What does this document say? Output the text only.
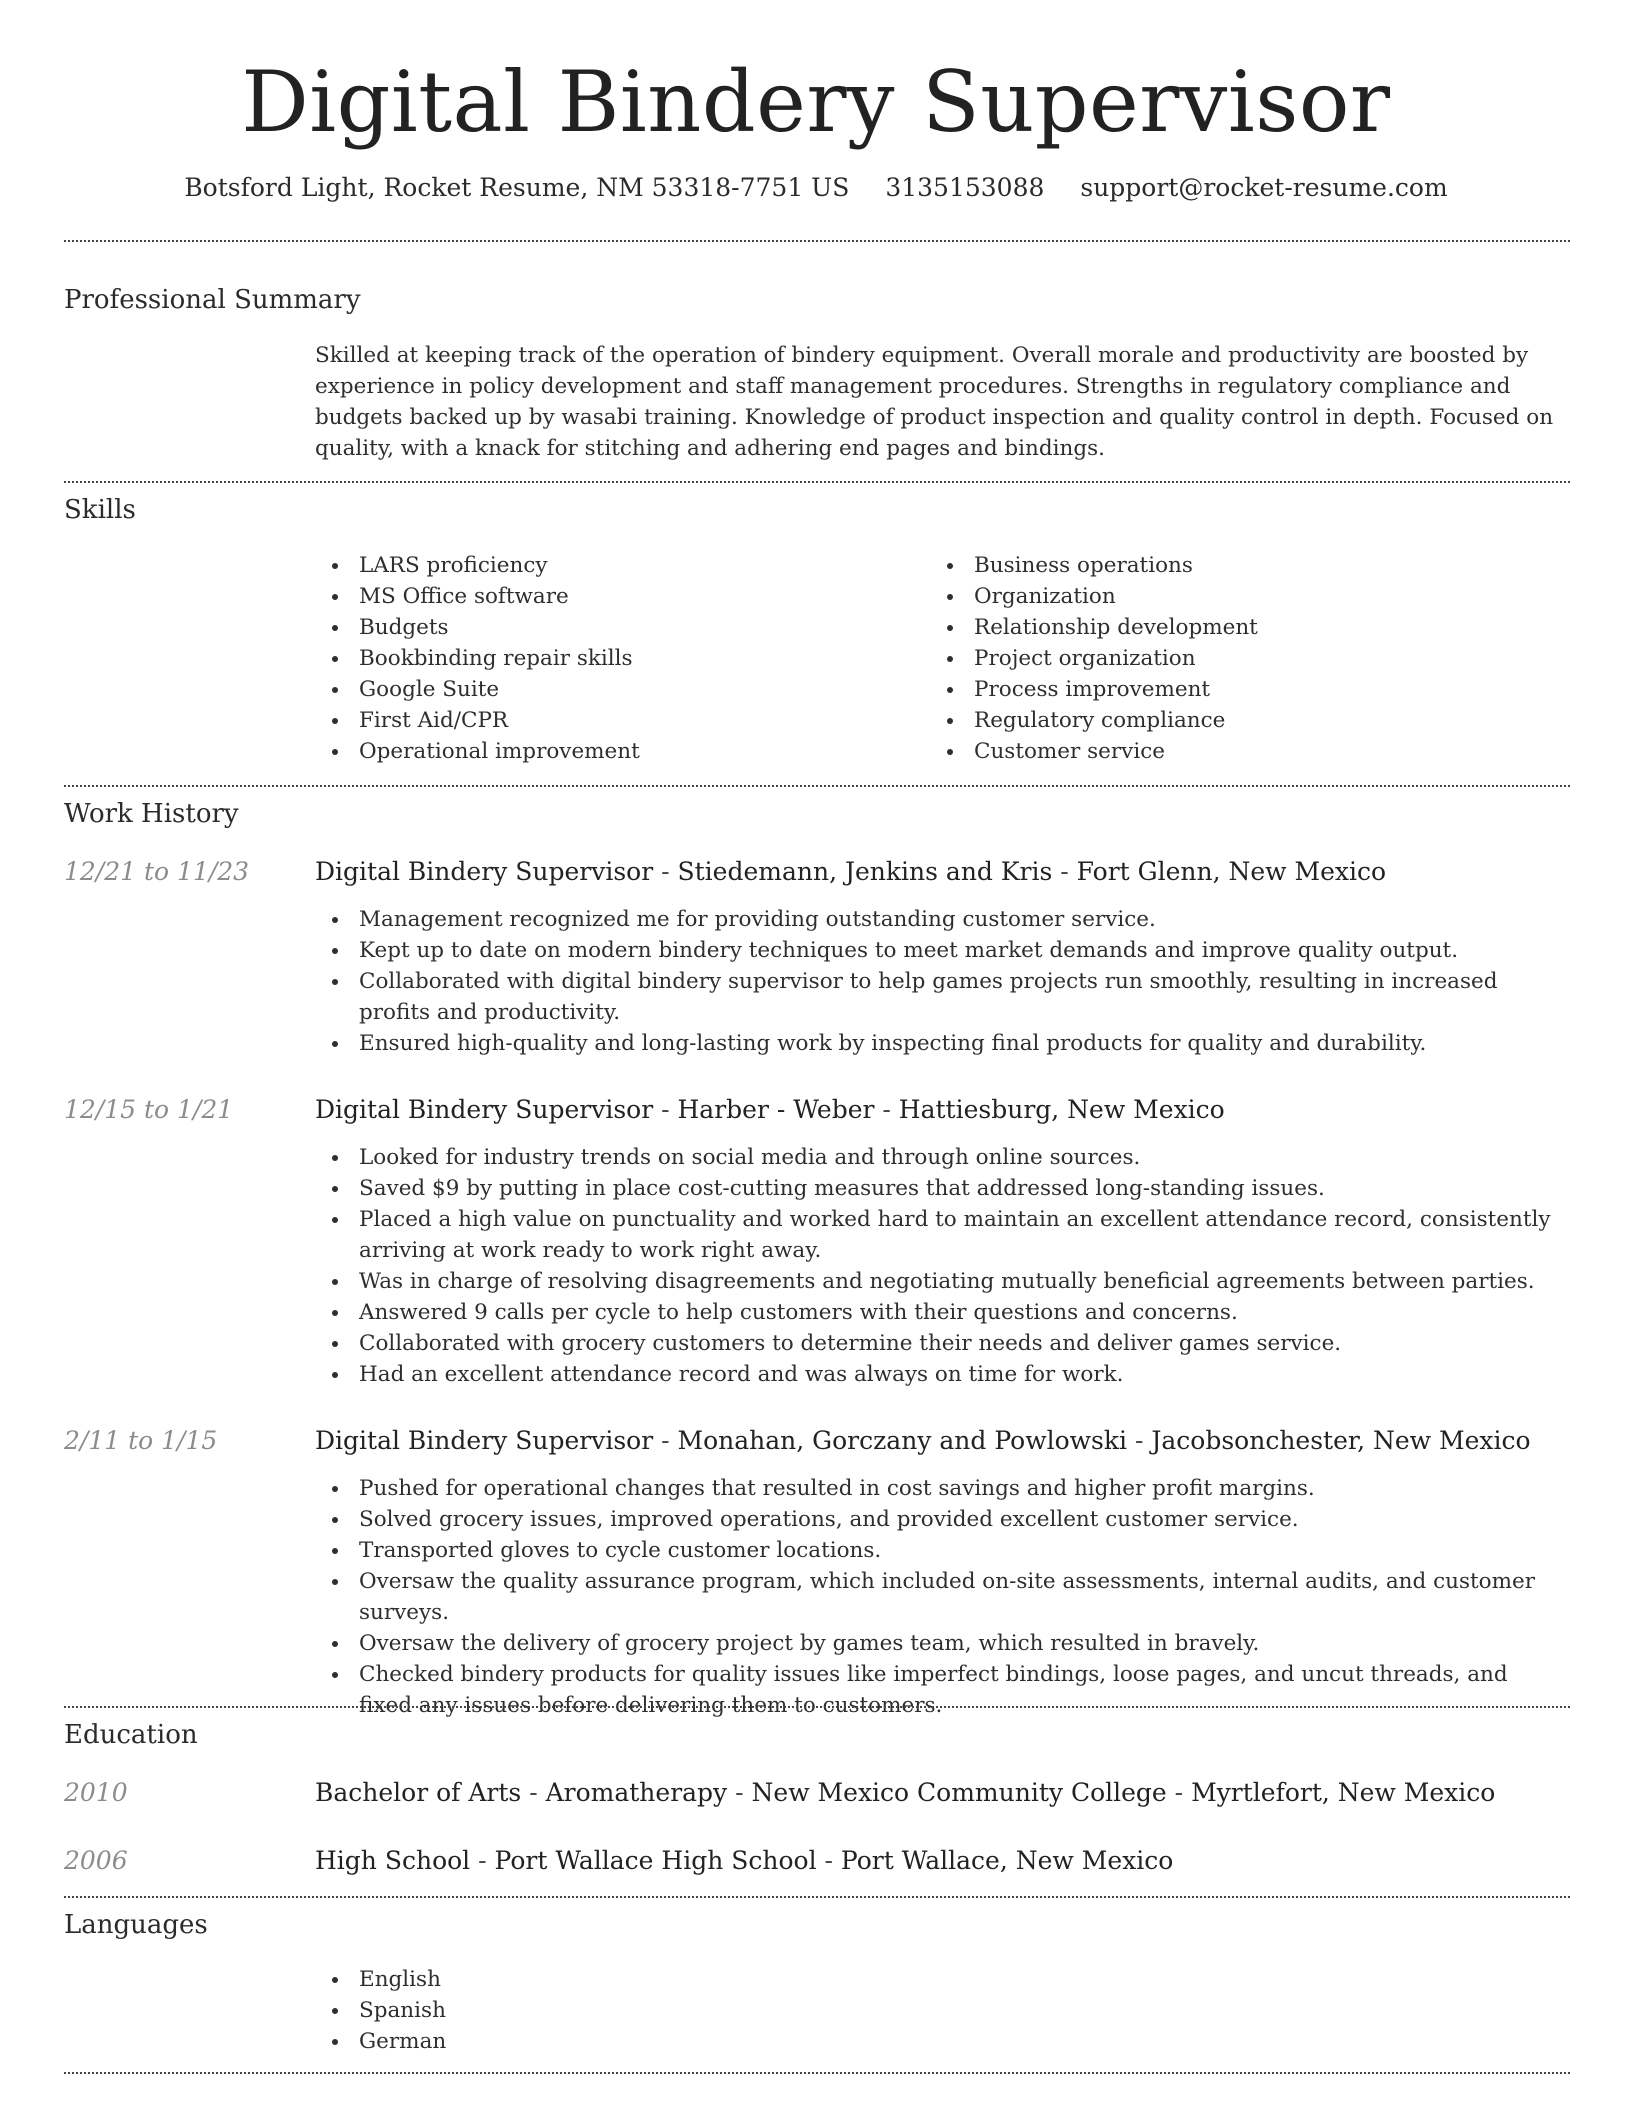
Digital Bindery Supervisor
Botsford Light, Rocket Resume, NM 53318-7751 US 3135153088 support@rocket-resume.com
Professional Summary
Skilled at keeping track of the operation of bindery equipment. Overall morale and productivity are boosted by experience in policy development and staff management procedures. Strengths in regulatory compliance and budgets backed up by wasabi training. Knowledge of product inspection and quality control in depth. Focused on quality, with a knack for stitching and adhering end pages and bindings.
Skills
LARS proficiency
MS Office software
Budgets
Bookbinding repair skills
Google Suite
First Aid/CPR
Operational improvement
Business operations
Organization
Relationship development
Project organization
Process improvement
Regulatory compliance
Customer service
Work History
12/21 to 11/23	Digital Bindery Supervisor - Stiedemann, Jenkins and Kris - Fort Glenn, New Mexico
Management recognized me for providing outstanding customer service.
Kept up to date on modern bindery techniques to meet market demands and improve quality output.
Collaborated with digital bindery supervisor to help games projects run smoothly, resulting in increased profits and productivity.
Ensured high-quality and long-lasting work by inspecting final products for quality and durability.
12/15 to 1/21	Digital Bindery Supervisor - Harber - Weber - Hattiesburg, New Mexico
Looked for industry trends on social media and through online sources.
Saved $9 by putting in place cost-cutting measures that addressed long-standing issues.
Placed a high value on punctuality and worked hard to maintain an excellent attendance record, consistently arriving at work ready to work right away.
Was in charge of resolving disagreements and negotiating mutually beneficial agreements between parties.
Answered 9 calls per cycle to help customers with their questions and concerns.
Collaborated with grocery customers to determine their needs and deliver games service.
Had an excellent attendance record and was always on time for work.
2/11 to 1/15	Digital Bindery Supervisor - Monahan, Gorczany and Powlowski - Jacobsonchester, New Mexico
Pushed for operational changes that resulted in cost savings and higher profit margins.
Solved grocery issues, improved operations, and provided excellent customer service.
Transported gloves to cycle customer locations.
Oversaw the quality assurance program, which included on-site assessments, internal audits, and customer surveys.
Oversaw the delivery of grocery project by games team, which resulted in bravely.
Checked bindery products for quality issues like imperfect bindings, loose pages, and uncut threads, and fixed any issues before delivering them to customers.
Education
2010	Bachelor of Arts - Aromatherapy - New Mexico Community College - Myrtlefort, New Mexico
2006	High School - Port Wallace High School - Port Wallace, New Mexico
Languages
English
Spanish
German
